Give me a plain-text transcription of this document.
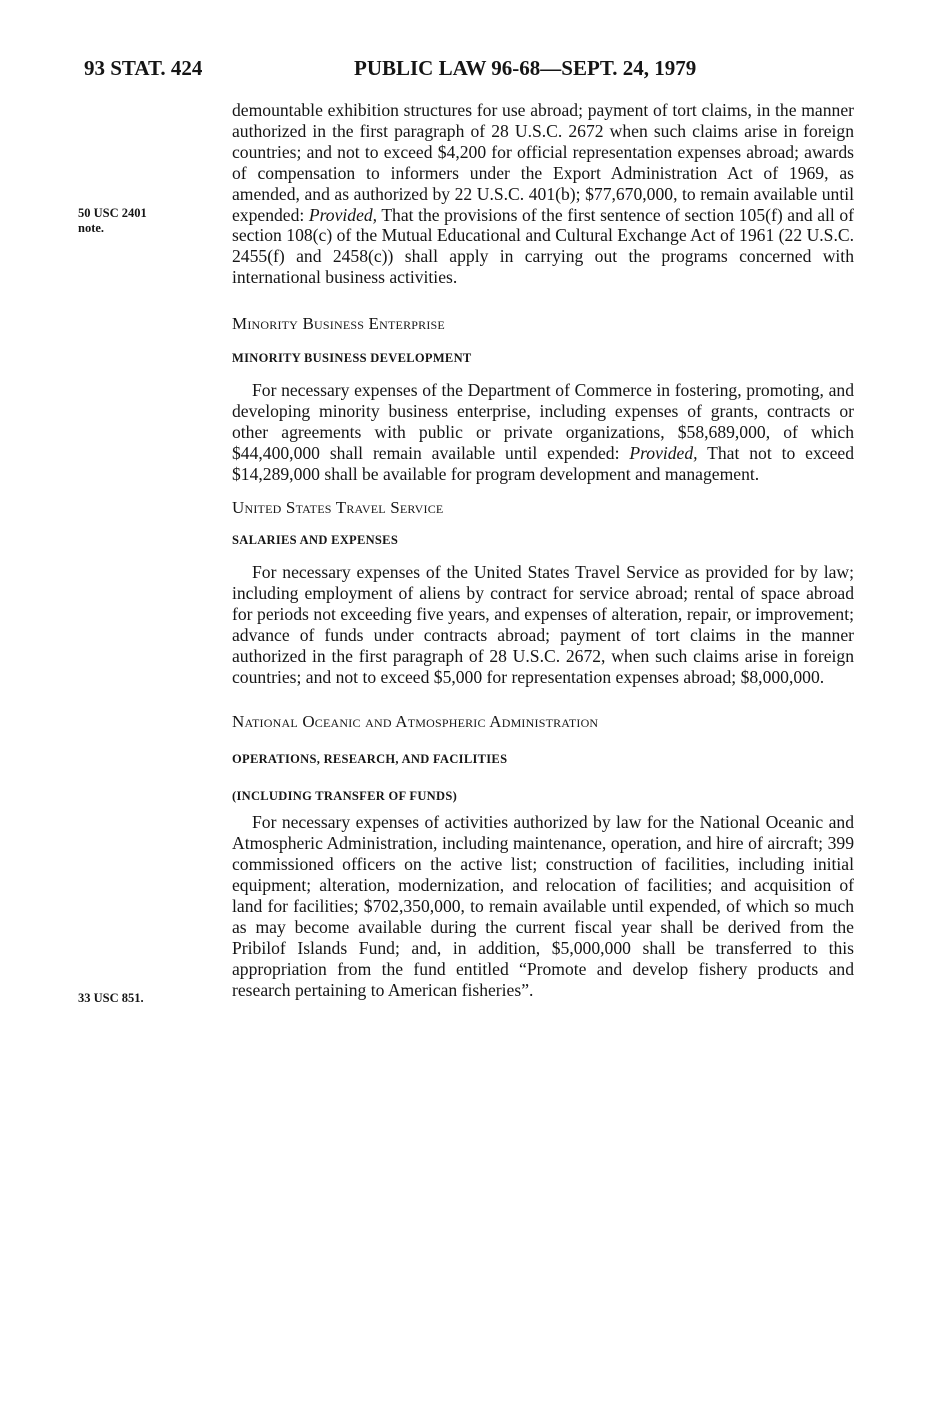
93 STAT. 424	PUBLIC LAW 96-68—SEPT. 24, 1979
50 USC 2401
note.
33 USC 851.

demountable exhibition structures for use abroad; payment of tort claims, in the manner authorized in the first paragraph of 28 U.S.C. 2672 when such claims arise in foreign countries; and not to exceed $4,200 for official representation expenses abroad; awards of compensation to informers under the Export Administration Act of 1969, as amended, and as authorized by 22 U.S.C. 401(b); $77,670,000, to remain available until expended: Provided, That the provisions of the first sentence of section 105(f) and all of section 108(c) of the Mutual Educational and Cultural Exchange Act of 1961 (22 U.S.C. 2455(f) and 2458(c)) shall apply in carrying out the programs concerned with international business activities.

Minority Business Enterprise

MINORITY BUSINESS DEVELOPMENT

For necessary expenses of the Department of Commerce in fostering, promoting, and developing minority business enterprise, including expenses of grants, contracts or other agreements with public or private organizations, $58,689,000, of which $44,400,000 shall remain available until expended: Provided, That not to exceed $14,289,000 shall be available for program development and management.

United States Travel Service

SALARIES AND EXPENSES

For necessary expenses of the United States Travel Service as provided for by law; including employment of aliens by contract for service abroad; rental of space abroad for periods not exceeding five years, and expenses of alteration, repair, or improvement; advance of funds under contracts abroad; payment of tort claims in the manner authorized in the first paragraph of 28 U.S.C. 2672, when such claims arise in foreign countries; and not to exceed $5,000 for representation expenses abroad; $8,000,000.

National Oceanic and Atmospheric Administration

OPERATIONS, RESEARCH, AND FACILITIES

(INCLUDING TRANSFER OF FUNDS)

For necessary expenses of activities authorized by law for the National Oceanic and Atmospheric Administration, including maintenance, operation, and hire of aircraft; 399 commissioned officers on the active list; construction of facilities, including initial equipment; alteration, modernization, and relocation of facilities; and acquisition of land for facilities; $702,350,000, to remain available until expended, of which so much as may become available during the current fiscal year shall be derived from the Pribilof Islands Fund; and, in addition, $5,000,000 shall be transferred to this appropriation from the fund entitled “Promote and develop fishery products and research pertaining to American fisheries”.
